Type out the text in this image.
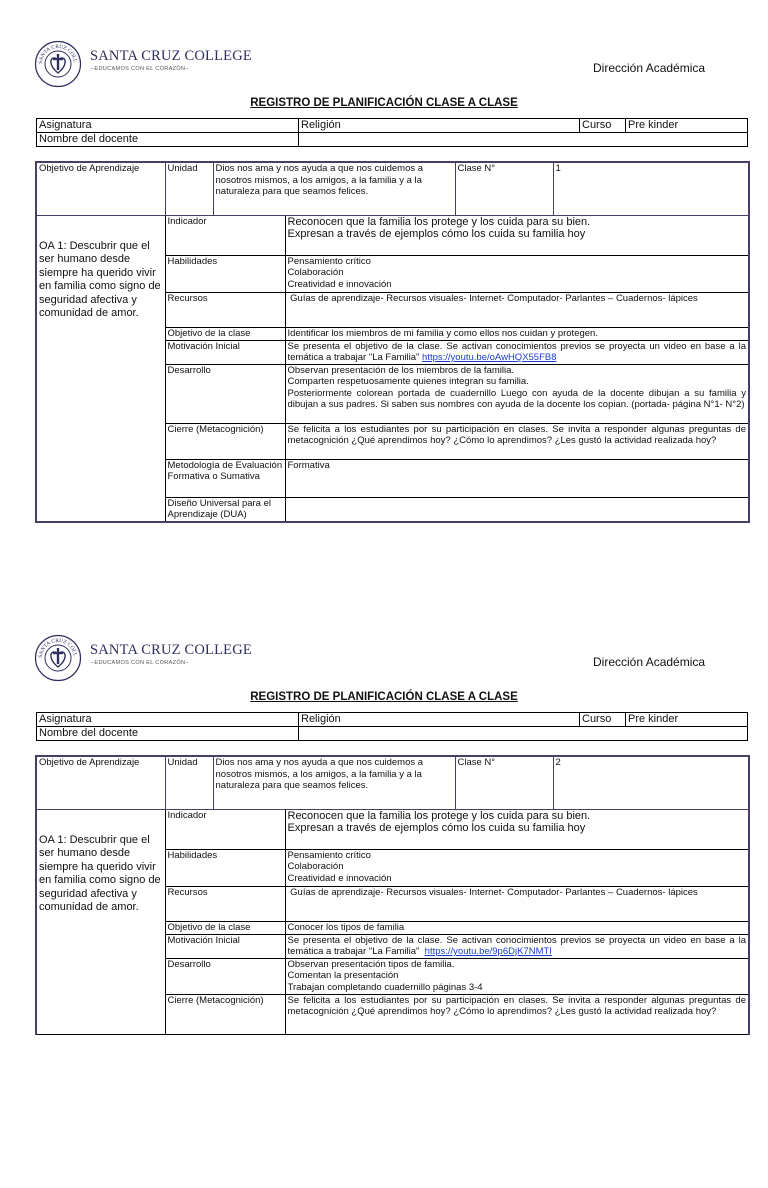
SANTA CRUZ COLL SANTA CRUZ COLLEGE
–EDUCAMOS CON EL CORAZÓN–	Dirección Académica
REGISTRO DE PLANIFICACIÓN CLASE A CLASE
Asignatura	Religión	Curso	Pre kinder
Nombre del docente			
Objetivo de Aprendizaje	Unidad	Dios nos ama y nos ayuda a que nos cuidemos a nosotros mismos, a los amigos, a la familia y a la naturaleza para que seamos felices.		Clase N°	1
OA 1: Descubrir que el ser humano desde siempre ha querido vivir en familia como signo de seguridad afectiva y comunidad de amor.	Indicador		Reconocen que la familia los protege y los cuida para su bien.
Expresan a través de ejemplos cómo los cuida su familia hoy		

	Habilidades		Pensamiento crítico
Colaboración
Creatividad e innovación		

	Recursos		Guías de aprendizaje- Recursos visuales- Internet- Computador- Parlantes – Cuadernos- lápices		
	Objetivo de la clase		Identificar los miembros de mi familia y como ellos nos cuidan y protegen.		
	Motivación Inicial		Se presenta el objetivo de la clase. Se activan conocimientos previos se proyecta un video en base a la temática a trabajar "La Familia" https://youtu.be/oAwHQX55FB8		
	Desarrollo		Observan presentación de los miembros de la familia.
Comparten respetuosamente quienes integran su familia.
Posteriormente colorean portada de cuadernillo Luego con ayuda de la docente dibujan a su familia y dibujan a sus padres. Si saben sus nombres con ayuda de la docente los copian. (portada- página N°1- N°2)		

	Cierre (Metacognición)		Se felicita a los estudiantes por su participación en clases. Se invita a responder algunas preguntas de metacognición ¿Qué aprendimos hoy? ¿Cómo lo aprendimos? ¿Les gustó la actividad realizada hoy?		
	Metodología de Evaluación Formativa o Sumativa		Formativa		
	Diseño Universal para el Aprendizaje (DUA)				
SANTA CRUZ COLL SANTA CRUZ COLLEGE
–EDUCAMOS CON EL CORAZÓN–	Dirección Académica
REGISTRO DE PLANIFICACIÓN CLASE A CLASE
Asignatura	Religión	Curso	Pre kinder
Nombre del docente			
Objetivo de Aprendizaje	Unidad	Dios nos ama y nos ayuda a que nos cuidemos a nosotros mismos, a los amigos, a la familia y a la naturaleza para que seamos felices.		Clase N°	2
OA 1: Descubrir que el ser humano desde siempre ha querido vivir en familia como signo de seguridad afectiva y comunidad de amor.	Indicador		Reconocen que la familia los protege y los cuida para su bien.
Expresan a través de ejemplos cómo los cuida su familia hoy		

	Habilidades		Pensamiento crítico
Colaboración
Creatividad e innovación		

	Recursos		Guías de aprendizaje- Recursos visuales- Internet- Computador- Parlantes – Cuadernos- lápices		
	Objetivo de la clase		Conocer los tipos de familia		
	Motivación Inicial		Se presenta el objetivo de la clase. Se activan conocimientos previos se proyecta un video en base a la temática a trabajar "La Familia"  https://youtu.be/9p6DjK7NMTI		
	Desarrollo		Observan presentación tipos de familia.
Comentan la presentación
Trabajan completando cuadernillo páginas 3-4		

	Cierre (Metacognición)		Se felicita a los estudiantes por su participación en clases. Se invita a responder algunas preguntas de metacognición ¿Qué aprendimos hoy? ¿Cómo lo aprendimos? ¿Les gustó la actividad realizada hoy?		
